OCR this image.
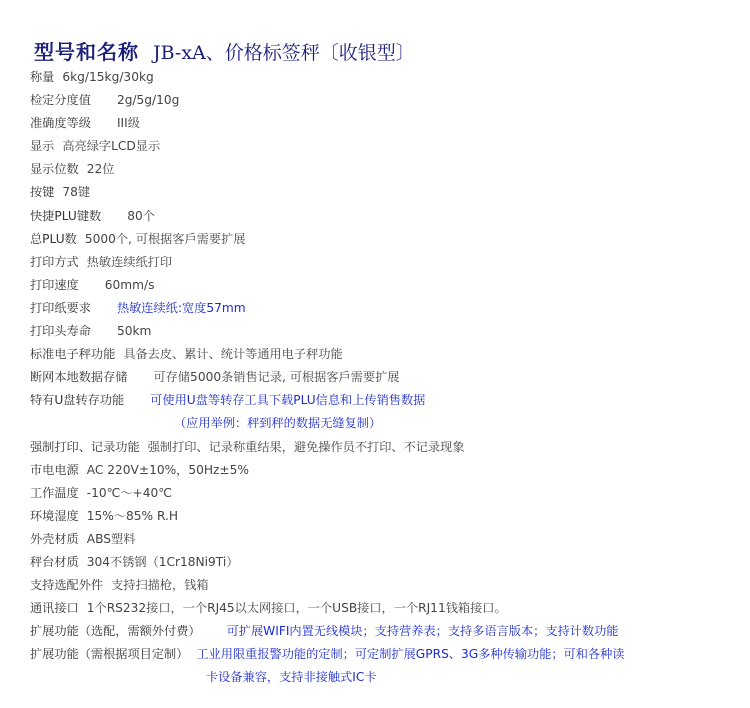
型号和名称 JB-xA、价格标签秤〔收银型〕
称量 6kg/15kg/30kg
检定分度值 2g/5g/10g
准确度等级 III级
显示 高亮绿字LCD显示
显示位数 22位
按键 78键
快捷PLU键数 80个
总PLU数 5000个, 可根据客戶需要扩展
打印方式 热敏连续纸打印
打印速度 60mm/s
打印纸要求 热敏连续纸:宽度57mm
打印头寿命 50km
标准电子秤功能 具备去皮、累计、统计等通用电子秤功能
断网本地数据存储 可存储5000条销售记录, 可根据客戶需要扩展
特有U盘转存功能 可使用U盘等转存工具下载PLU信息和上传销售数据
（应用举例：秤到秤的数据无缝复制）
强制打印、记录功能 强制打印、记录称重结果，避免操作员不打印、不记录现象
市电电源 AC 220V±10%，50Hz±5%
工作温度 -10℃～+40℃
环境湿度 15%～85% R.H
外壳材质 ABS塑料
秤台材质 304不锈钢（1Cr18Ni9Ti）
支持选配外件 支持扫描枪，钱箱
通讯接口 1个RS232接口，一个RJ45以太网接口，一个USB接口，一个RJ11钱箱接口。
扩展功能（选配，需额外付费） 可扩展WIFI内置无线模块；支持营养表；支持多语言版本；支持计数功能
扩展功能（需根据项目定制） 工业用限重报警功能的定制；可定制扩展GPRS、3G多种传输功能；可和各种读
卡设备兼容，支持非接触式IC卡
